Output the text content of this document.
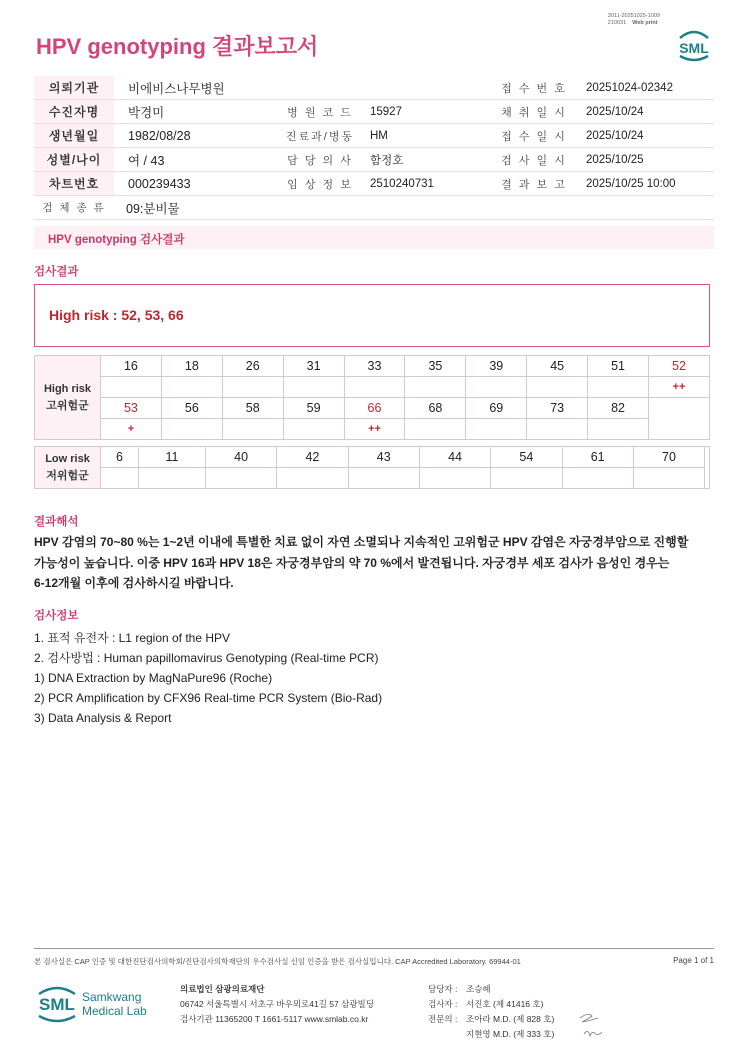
3011-20251025-1009
210031 Web print
HPV genotyping 결과보고서	SML
의뢰기관	비에비스나무병원			접 수 번 호	20251024-02342
수진자명	박경미	병 원 코 드	15927	채 취 일 시	2025/10/24
생년월일	1982/08/28	진료과/병동	HM	접 수 일 시	2025/10/24
성별/나이	여 / 43	담 당 의 사	함정호	검 사 일 시	2025/10/25
차트번호	000239433	임 상 정 보	2510240731	결 과 보 고	2025/10/25 10:00
검 체 종 류	09:분비물				
HPV genotyping 검사결과
검사결과
High risk : 52, 53, 66
High risk
고위험군	16	18	26	31	33	35	39	45	51	52
										++
	53	56	58	59	66	68	69	73	82	
	+				++					
Low risk
저위험군	6	11	40	42	43	44	54	61	70	

결과해석
HPV 감염의 70~80 %는 1~2년 이내에 특별한 치료 없이 자연 소멸되나 지속적인 고위험군 HPV 감염은 자궁경부암으로 진행할
가능성이 높습니다. 이중 HPV 16과 HPV 18은 자궁경부암의 약 70 %에서 발견됩니다. 자궁경부 세포 검사가 음성인 경우는
6-12개월 이후에 검사하시길 바랍니다.
검사정보
1. 표적 유전자 : L1 region of the HPV
2. 검사방법 : Human papillomavirus Genotyping (Real-time PCR)
1) DNA Extraction by MagNaPure96 (Roche)
2) PCR Amplification by CFX96 Real-time PCR System (Bio-Rad)
3) Data Analysis & Report
본 검사실은 CAP 인증 및 대한진단검사의학회/진단검사의학재단의 우수검사실 신임 인증을 받은 검사실입니다. CAP Accredited Laboratory. 69944-01	Page 1 of 1
SML Samkwang
Medical Lab
의료법인 삼광의료재단
06742 서울특별시 서초구 바우뫼로41길 57 삼광빌딩
검사기관 11365200 T 1661-5117 www.smlab.co.kr
담당자 : 조승혜
검사자 : 서진호 (제 41416 호)
전문의 : 조아라 M.D. (제 828 호)
지현영 M.D. (제 333 호)
